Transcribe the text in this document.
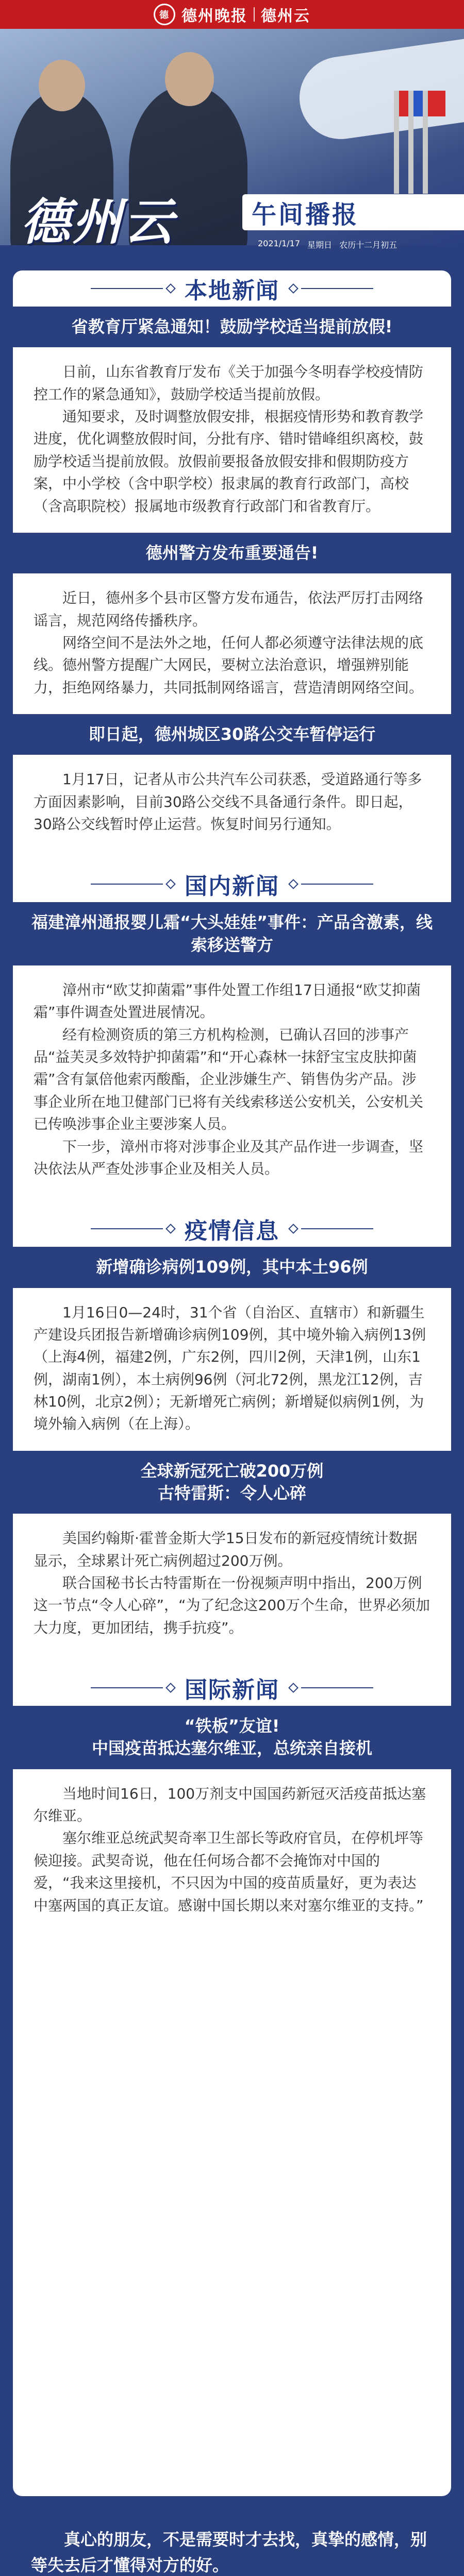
德 德州晚报 德州云
德州云	午间播报
2021/1/17 星期日 农历十二月初五
本地新闻
省教育厅紧急通知！鼓励学校适当提前放假!

日前，山东省教育厅发布《关于加强今冬明春学校疫情防控工作的紧急通知》，鼓励学校适当提前放假。

通知要求，及时调整放假安排，根据疫情形势和教育教学进度，优化调整放假时间，分批有序、错时错峰组织离校，鼓励学校适当提前放假。放假前要报备放假安排和假期防疫方案，中小学校（含中职学校）报隶属的教育行政部门，高校（含高职院校）报属地市级教育行政部门和省教育厅。

德州警方发布重要通告!

近日，德州多个县市区警方发布通告，依法严厉打击网络谣言，规范网络传播秩序。

网络空间不是法外之地，任何人都必须遵守法律法规的底线。德州警方提醒广大网民，要树立法治意识，增强辨别能力，拒绝网络暴力，共同抵制网络谣言，营造清朗网络空间。

即日起，德州城区30路公交车暂停运行

1月17日，记者从市公共汽车公司获悉，受道路通行等多方面因素影响，目前30路公交线不具备通行条件。即日起，30路公交线暂时停止运营。恢复时间另行通知。

国内新闻
福建漳州通报婴儿霜“大头娃娃”事件：产品含激素，线索移送警方

漳州市“欧艾抑菌霜”事件处置工作组17日通报“欧艾抑菌霜”事件调查处置进展情况。

经有检测资质的第三方机构检测，已确认召回的涉事产品“益芙灵多效特护抑菌霜”和“开心森林一抹舒宝宝皮肤抑菌霜”含有氯倍他索丙酸酯，企业涉嫌生产、销售伪劣产品。涉事企业所在地卫健部门已将有关线索移送公安机关，公安机关已传唤涉事企业主要涉案人员。

下一步，漳州市将对涉事企业及其产品作进一步调查，坚决依法从严查处涉事企业及相关人员。

疫情信息
新增确诊病例109例，其中本土96例

1月16日0—24时，31个省（自治区、直辖市）和新疆生产建设兵团报告新增确诊病例109例，其中境外输入病例13例（上海4例，福建2例，广东2例，四川2例，天津1例，山东1例，湖南1例），本土病例96例（河北72例，黑龙江12例，吉林10例，北京2例）；无新增死亡病例；新增疑似病例1例，为境外输入病例（在上海）。

全球新冠死亡破200万例
古特雷斯：令人心碎

美国约翰斯·霍普金斯大学15日发布的新冠疫情统计数据显示，全球累计死亡病例超过200万例。

联合国秘书长古特雷斯在一份视频声明中指出，200万例这一节点“令人心碎”，“为了纪念这200万个生命，世界必须加大力度，更加团结，携手抗疫”。

国际新闻
“铁板”友谊!
中国疫苗抵达塞尔维亚，总统亲自接机

当地时间16日，100万剂支中国国药新冠灭活疫苗抵达塞尔维亚。

塞尔维亚总统武契奇率卫生部长等政府官员，在停机坪等候迎接。武契奇说，他在任何场合都不会掩饰对中国的爱，“我来这里接机，不只因为中国的疫苗质量好，更为表达中塞两国的真正友谊。感谢中国长期以来对塞尔维亚的支持。”

真心的朋友，不是需要时才去找，真挚的感情，别等失去后才懂得对方的好。
